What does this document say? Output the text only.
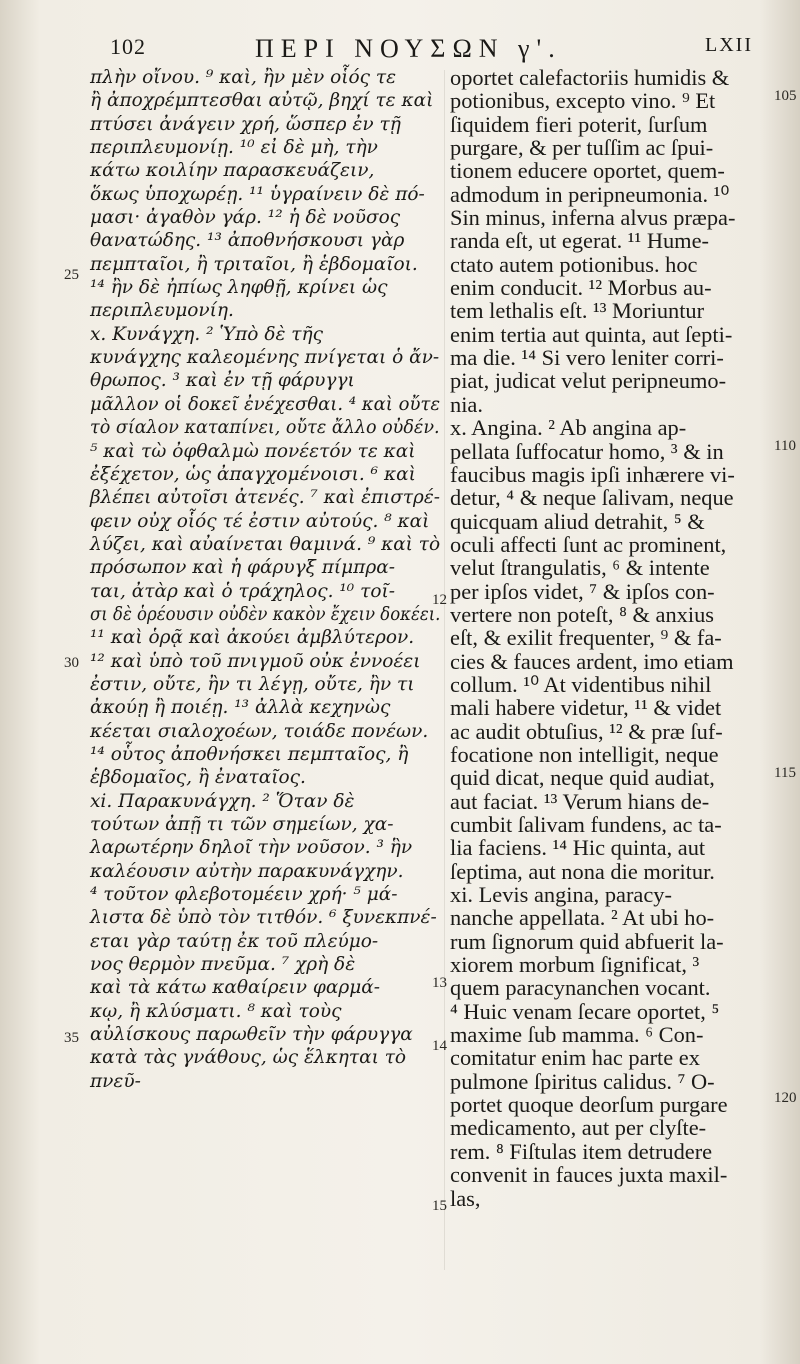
102	ΠΕΡΙ ΝΟΥΣΩΝ γ'.	LXII
πλὴν οἴνου. ⁹ καὶ, ἢν μὲν οἷός τε
ἢ ἀποχρέμπτεσθαι αὐτῷ, βηχί τε καὶ
πτύσει ἀνάγειν χρή, ὥσπερ ἐν τῇ
περιπλευμονίῃ. ¹⁰ εἰ δὲ μὴ, τὴν
κάτω κοιλίην παρασκευάζειν,
ὅκως ὑποχωρέῃ. ¹¹ ὑγραίνειν δὲ πό-
μασι· ἀγαθὸν γάρ. ¹² ἡ δὲ νοῦσος
θανατώδης. ¹³ ἀποθνήσκουσι γὰρ
πεμπταῖοι, ἢ τριταῖοι, ἢ ἑβδομαῖοι.
¹⁴ ἢν δὲ ἠπίως ληφθῇ, κρίνει ὡς
περιπλευμονίη.
x. Κυνάγχη. ² Ὑπὸ δὲ τῆς
κυνάγχης καλεομένης πνίγεται ὁ ἄν-
θρωπος. ³ καὶ ἐν τῇ φάρυγγι
μᾶλλον οἱ δοκεῖ ἐνέχεσθαι. ⁴ καὶ οὔτε
τὸ σίαλον καταπίνει, οὔτε ἄλλο οὐδέν.
⁵ καὶ τὼ ὀφθαλμὼ πονέετόν τε καὶ
ἐξέχετον, ὡς ἀπαγχομένοισι. ⁶ καὶ
βλέπει αὐτοῖσι ἀτενές. ⁷ καὶ ἐπιστρέ-
φειν οὐχ οἷός τέ ἐστιν αὐτούς. ⁸ καὶ
λύζει, καὶ αὐαίνεται θαμινά. ⁹ καὶ τὸ
πρόσωπον καὶ ἡ φάρυγξ πίμπρα-
ται, ἀτὰρ καὶ ὁ τράχηλος. ¹⁰ τοῖ-
σι δὲ ὁρέουσιν οὐδὲν κακὸν ἔχειν δοκέει.
¹¹ καὶ ὁρᾷ καὶ ἀκούει ἀμβλύτερον.
¹² καὶ ὑπὸ τοῦ πνιγμοῦ οὐκ ἐννοέει
ἐστιν, οὔτε, ἢν τι λέγῃ, οὔτε, ἢν τι
ἀκούῃ ἢ ποιέῃ. ¹³ ἀλλὰ κεχηνὼς
κέεται σιαλοχοέων, τοιάδε πονέων.
¹⁴ οὗτος ἀποθνήσκει πεμπταῖος, ἢ
ἑβδομαῖος, ἢ ἐναταῖος.
xi. Παρακυνάγχη. ² Ὅταν δὲ
τούτων ἀπῇ τι τῶν σημείων, χα-
λαρωτέρην δηλοῖ τὴν νοῦσον. ³ ἣν
καλέουσιν αὐτὴν παρακυνάγχην.
⁴ τοῦτον φλεβοτομέειν χρή· ⁵ μά-
λιστα δὲ ὑπὸ τὸν τιτθόν. ⁶ ξυνεκπνέ-
εται γὰρ ταύτῃ ἐκ τοῦ πλεύμο-
νος θερμὸν πνεῦμα. ⁷ χρὴ δὲ
καὶ τὰ κάτω καθαίρειν φαρμά-
κῳ, ἢ κλύσματι. ⁸ καὶ τοὺς
αὐλίσκους παρωθεῖν τὴν φάρυγγα
κατὰ τὰς γνάθους, ὡς ἕλκηται τὸ
πνεῦ-
oportet calefactoriis humidis &
potionibus, excepto vino. ⁹ Et
ſiquidem fieri poterit, ſurſum
purgare, & per tuſſim ac ſpui-
tionem educere oportet, quem-
admodum in peripneumonia. ¹⁰
Sin minus, inferna alvus præpa-
randa eſt, ut egerat. ¹¹ Hume-
ctato autem potionibus. hoc
enim conducit. ¹² Morbus au-
tem lethalis eſt. ¹³ Moriuntur
enim tertia aut quinta, aut ſepti-
ma die. ¹⁴ Si vero leniter corri-
piat, judicat velut peripneumo-
nia.
x. Angina. ² Ab angina ap-
pellata ſuffocatur homo, ³ & in
faucibus magis ipſi inhærere vi-
detur, ⁴ & neque ſalivam, neque
quicquam aliud detrahit, ⁵ &
oculi affecti ſunt ac prominent,
velut ſtrangulatis, ⁶ & intente
per ipſos videt, ⁷ & ipſos con-
vertere non poteſt, ⁸ & anxius
eſt, & exilit frequenter, ⁹ & fa-
cies & fauces ardent, imo etiam
collum. ¹⁰ At videntibus nihil
mali habere videtur, ¹¹ & videt
ac audit obtuſius, ¹² & præ ſuf-
focatione non intelligit, neque
quid dicat, neque quid audiat,
aut faciat. ¹³ Verum hians de-
cumbit ſalivam fundens, ac ta-
lia faciens. ¹⁴ Hic quinta, aut
ſeptima, aut nona die moritur.
xi. Levis angina, paracy-
nanche appellata. ² At ubi ho-
rum ſignorum quid abfuerit la-
xiorem morbum ſignificat, ³
quem paracynanchen vocant.
⁴ Huic venam ſecare oportet, ⁵
maxime ſub mamma. ⁶ Con-
comitatur enim hac parte ex
pulmone ſpiritus calidus. ⁷ O-
portet quoque deorſum purgare
medicamento, aut per clyſte-
rem. ⁸ Fiſtulas item detrudere
convenit in fauces juxta maxil-
las,
25
30
35
12
13
14
15
105
110
115
120
